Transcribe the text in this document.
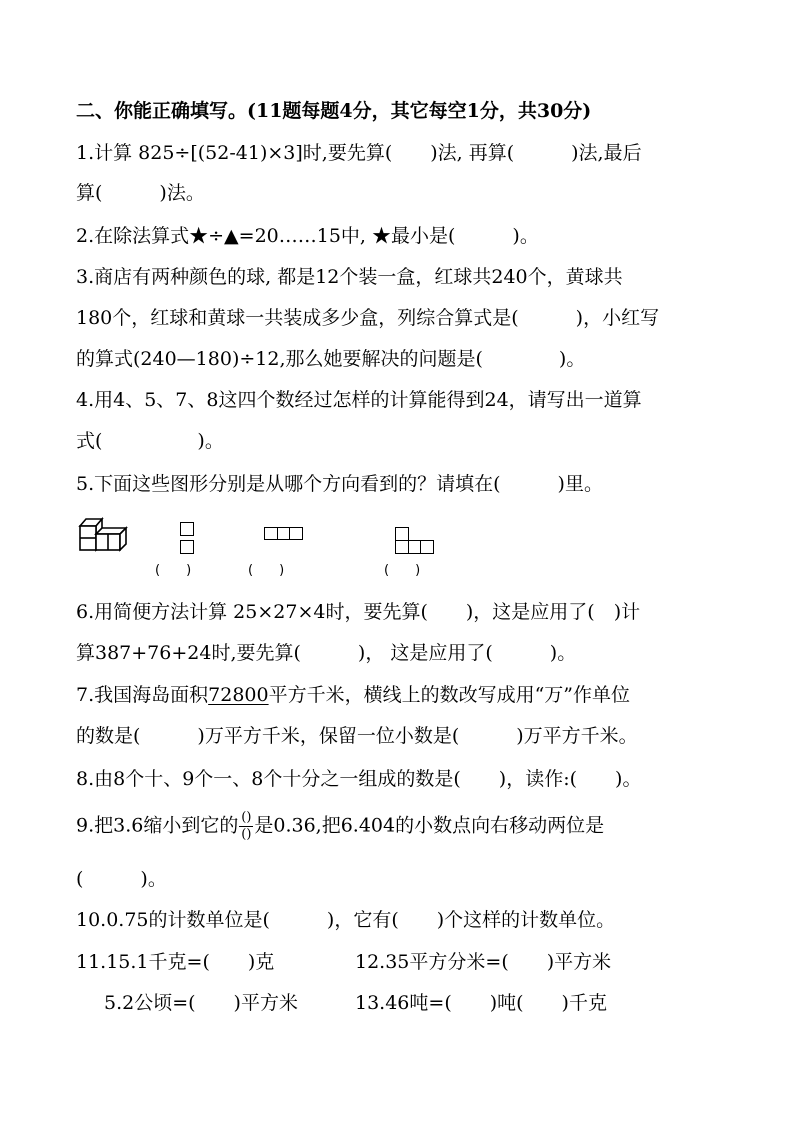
二、你能正确填写。(11题每题4分，其它每空1分，共30分)
1.计算 825÷[(52-41)×3]时,要先算(　　)法, 再算(　　　)法,最后
算(　　　)法。
2.在除法算式★÷▲=20……15中, ★最小是(　　　)。
3.商店有两种颜色的球, 都是12个装一盒，红球共240个，黄球共
180个，红球和黄球一共装成多少盒，列综合算式是(　　　)，小红写
的算式(240—180)÷12,那么她要解决的问题是(　　　　)。
4.用4、5、7、8这四个数经过怎样的计算能得到24，请写出一道算
式(　　　　　)。
5.下面这些图形分别是从哪个方向看到的？请填在(　　　)里。
(　　)	(　　)	(　　)
6.用简便方法计算 25×27×4时，要先算(　　)，这是应用了(　)计
算387+76+24时,要先算(　　　)， 这是应用了(　　　)。
7.我国海岛面积72800平方千米，横线上的数改写成用“万”作单位
的数是(　　　)万平方千米，保留一位小数是(　　　)万平方千米。
8.由8个十、9个一、8个十分之一组成的数是(　　)，读作:(　　)。
9.把3.6缩小到它的 $\frac{()}{()}$ 是0.36,把6.404的小数点向右移动两位是
(　　　)。
10.0.75的计数单位是(　　　)，它有(　　)个这样的计数单位。
11.15.1千克=(　　)克
5.2公顷=(　　)平方米
12.35平方分米=(　　)平方米
13.46吨=(　　)吨(　　)千克
